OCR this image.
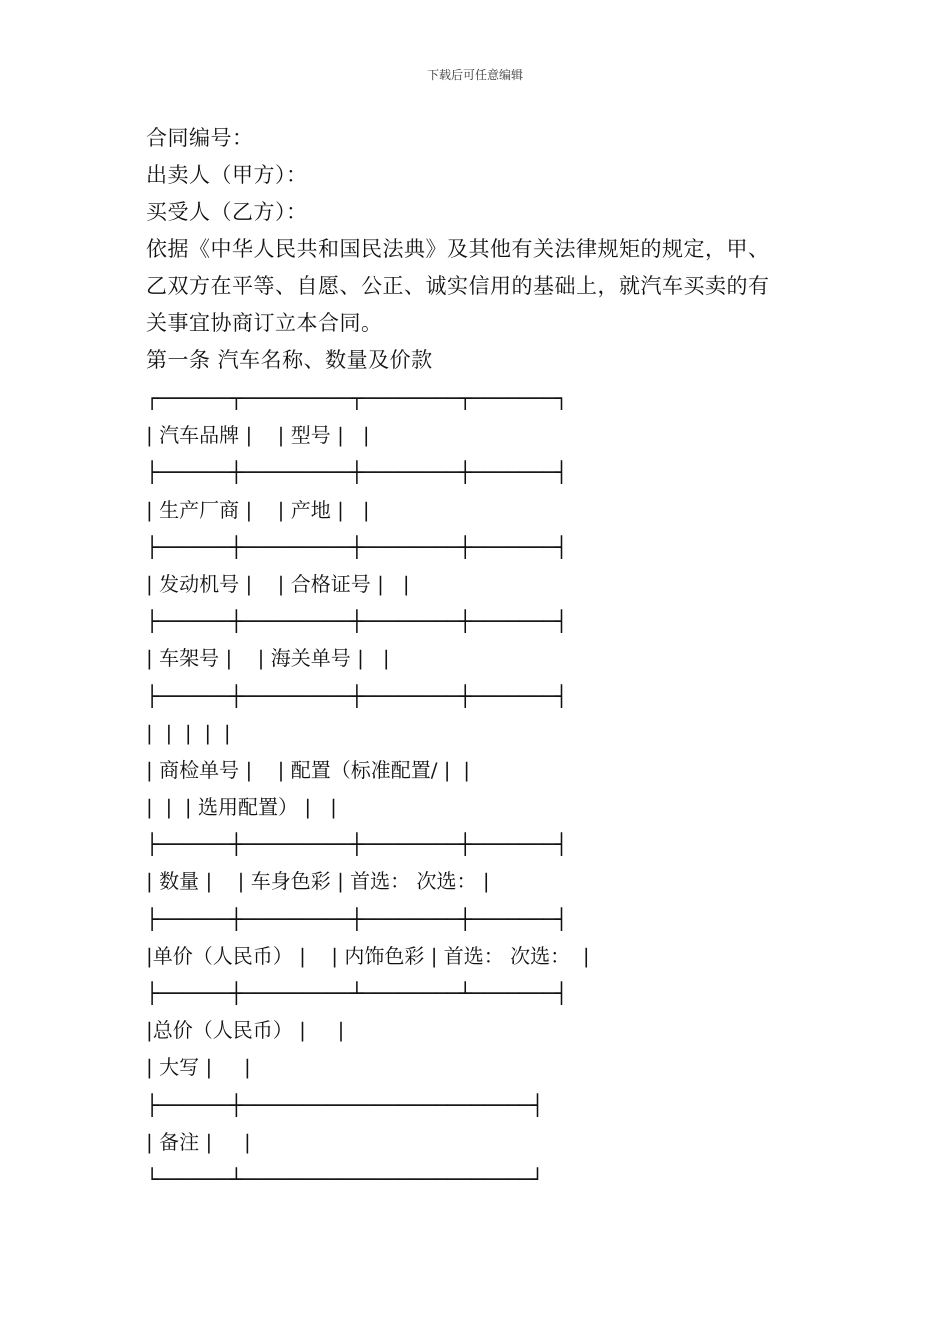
下载后可任意编辑
合同编号：
出卖人（甲方）：
买受人（乙方）：
依据《中华人民共和国民法典》及其他有关法律规矩的规定，甲、
乙双方在平等、自愿、公正、诚实信用的基础上，就汽车买卖的有
关事宜协商订立本合同。
第一条 汽车名称、数量及价款
┌──────┬─────────┬────────┬───────┐
| 汽车品牌 |    | 型号 |   |
├──────┼─────────┼────────┼───────┤
| 生产厂商 |    | 产地 |   |
├──────┼─────────┼────────┼───────┤
| 发动机号 |    | 合格证号 |   |
├──────┼─────────┼────────┼───────┤
| 车架号 |    | 海关单号 |   |
├──────┼─────────┼────────┼───────┤
|  |  |  |  |
| 商检单号 |    | 配置（标准配置/ |  |
|  |  | 选用配置） |   |
├──────┼─────────┼────────┼───────┤
| 数量 |    | 车身色彩 | 首选： 次选： |
├──────┼─────────┼────────┼───────┤
|单价（人民币） |    | 内饰色彩 | 首选： 次选：  |
├──────┼─────────┴────────┴───────┤
|总价（人民币） |     |
| 大写 |     |
├──────┼────────────────────────┤
| 备注 |     |
└──────┴────────────────────────┘
